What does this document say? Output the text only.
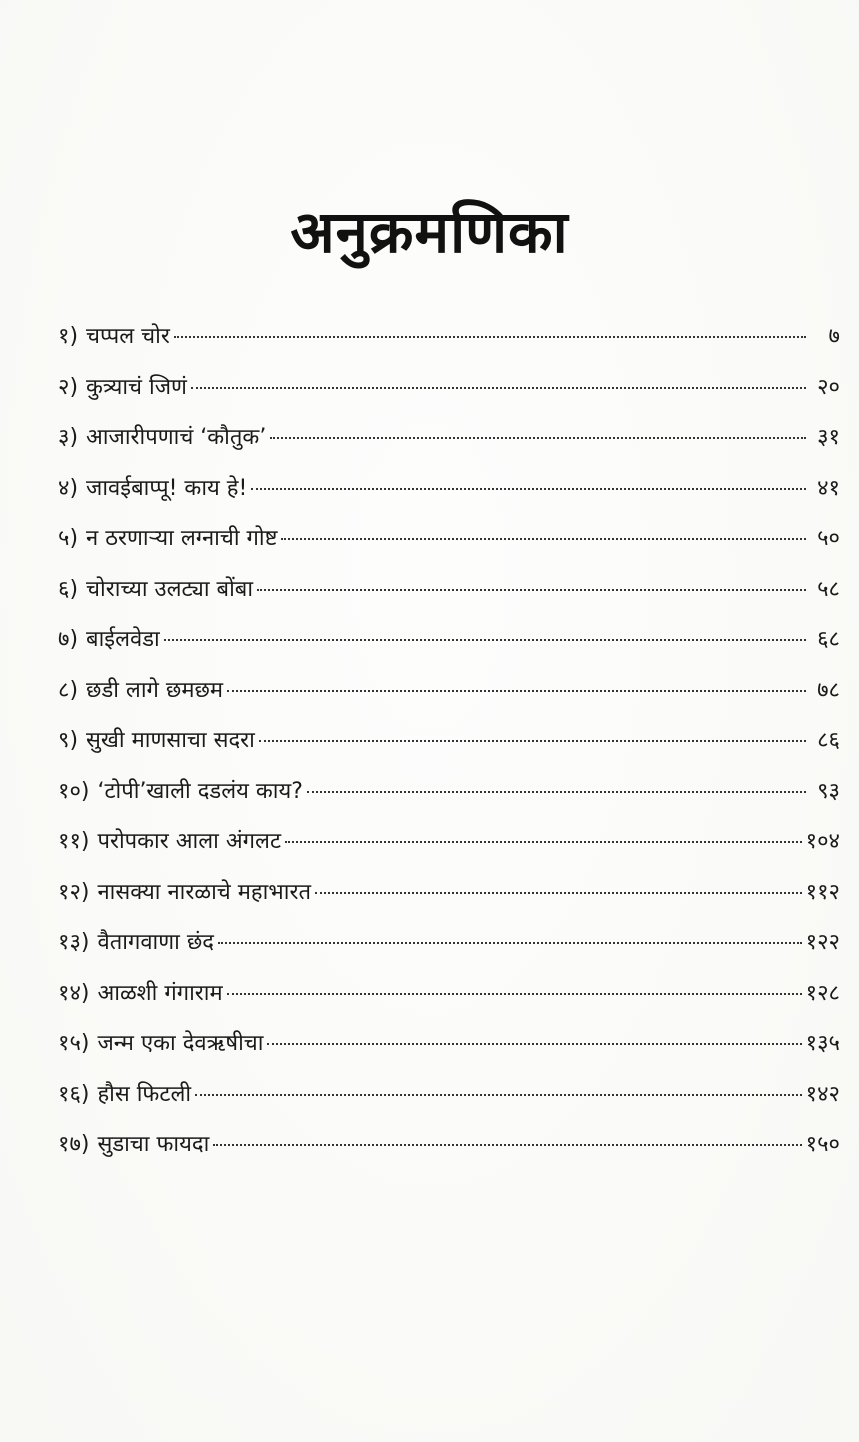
अनुक्रमणिका
१) चप्पल चोर	७
२) कुत्र्याचं जिणं	२०
३) आजारीपणाचं ‘कौतुक’	३१
४) जावईबाप्पू! काय हे!	४१
५) न ठरणाऱ्या लग्नाची गोष्ट	५०
६) चोराच्या उलट्या बोंबा	५८
७) बाईलवेडा	६८
८) छडी लागे छमछम	७८
९) सुखी माणसाचा सदरा	८६
१०) ‘टोपी’खाली दडलंय काय?	९३
११) परोपकार आला अंगलट	१०४
१२) नासक्या नारळाचे महाभारत	११२
१३) वैतागवाणा छंद	१२२
१४) आळशी गंगाराम	१२८
१५) जन्म एका देवऋषीचा	१३५
१६) हौस फिटली	१४२
१७) सुडाचा फायदा	१५०
